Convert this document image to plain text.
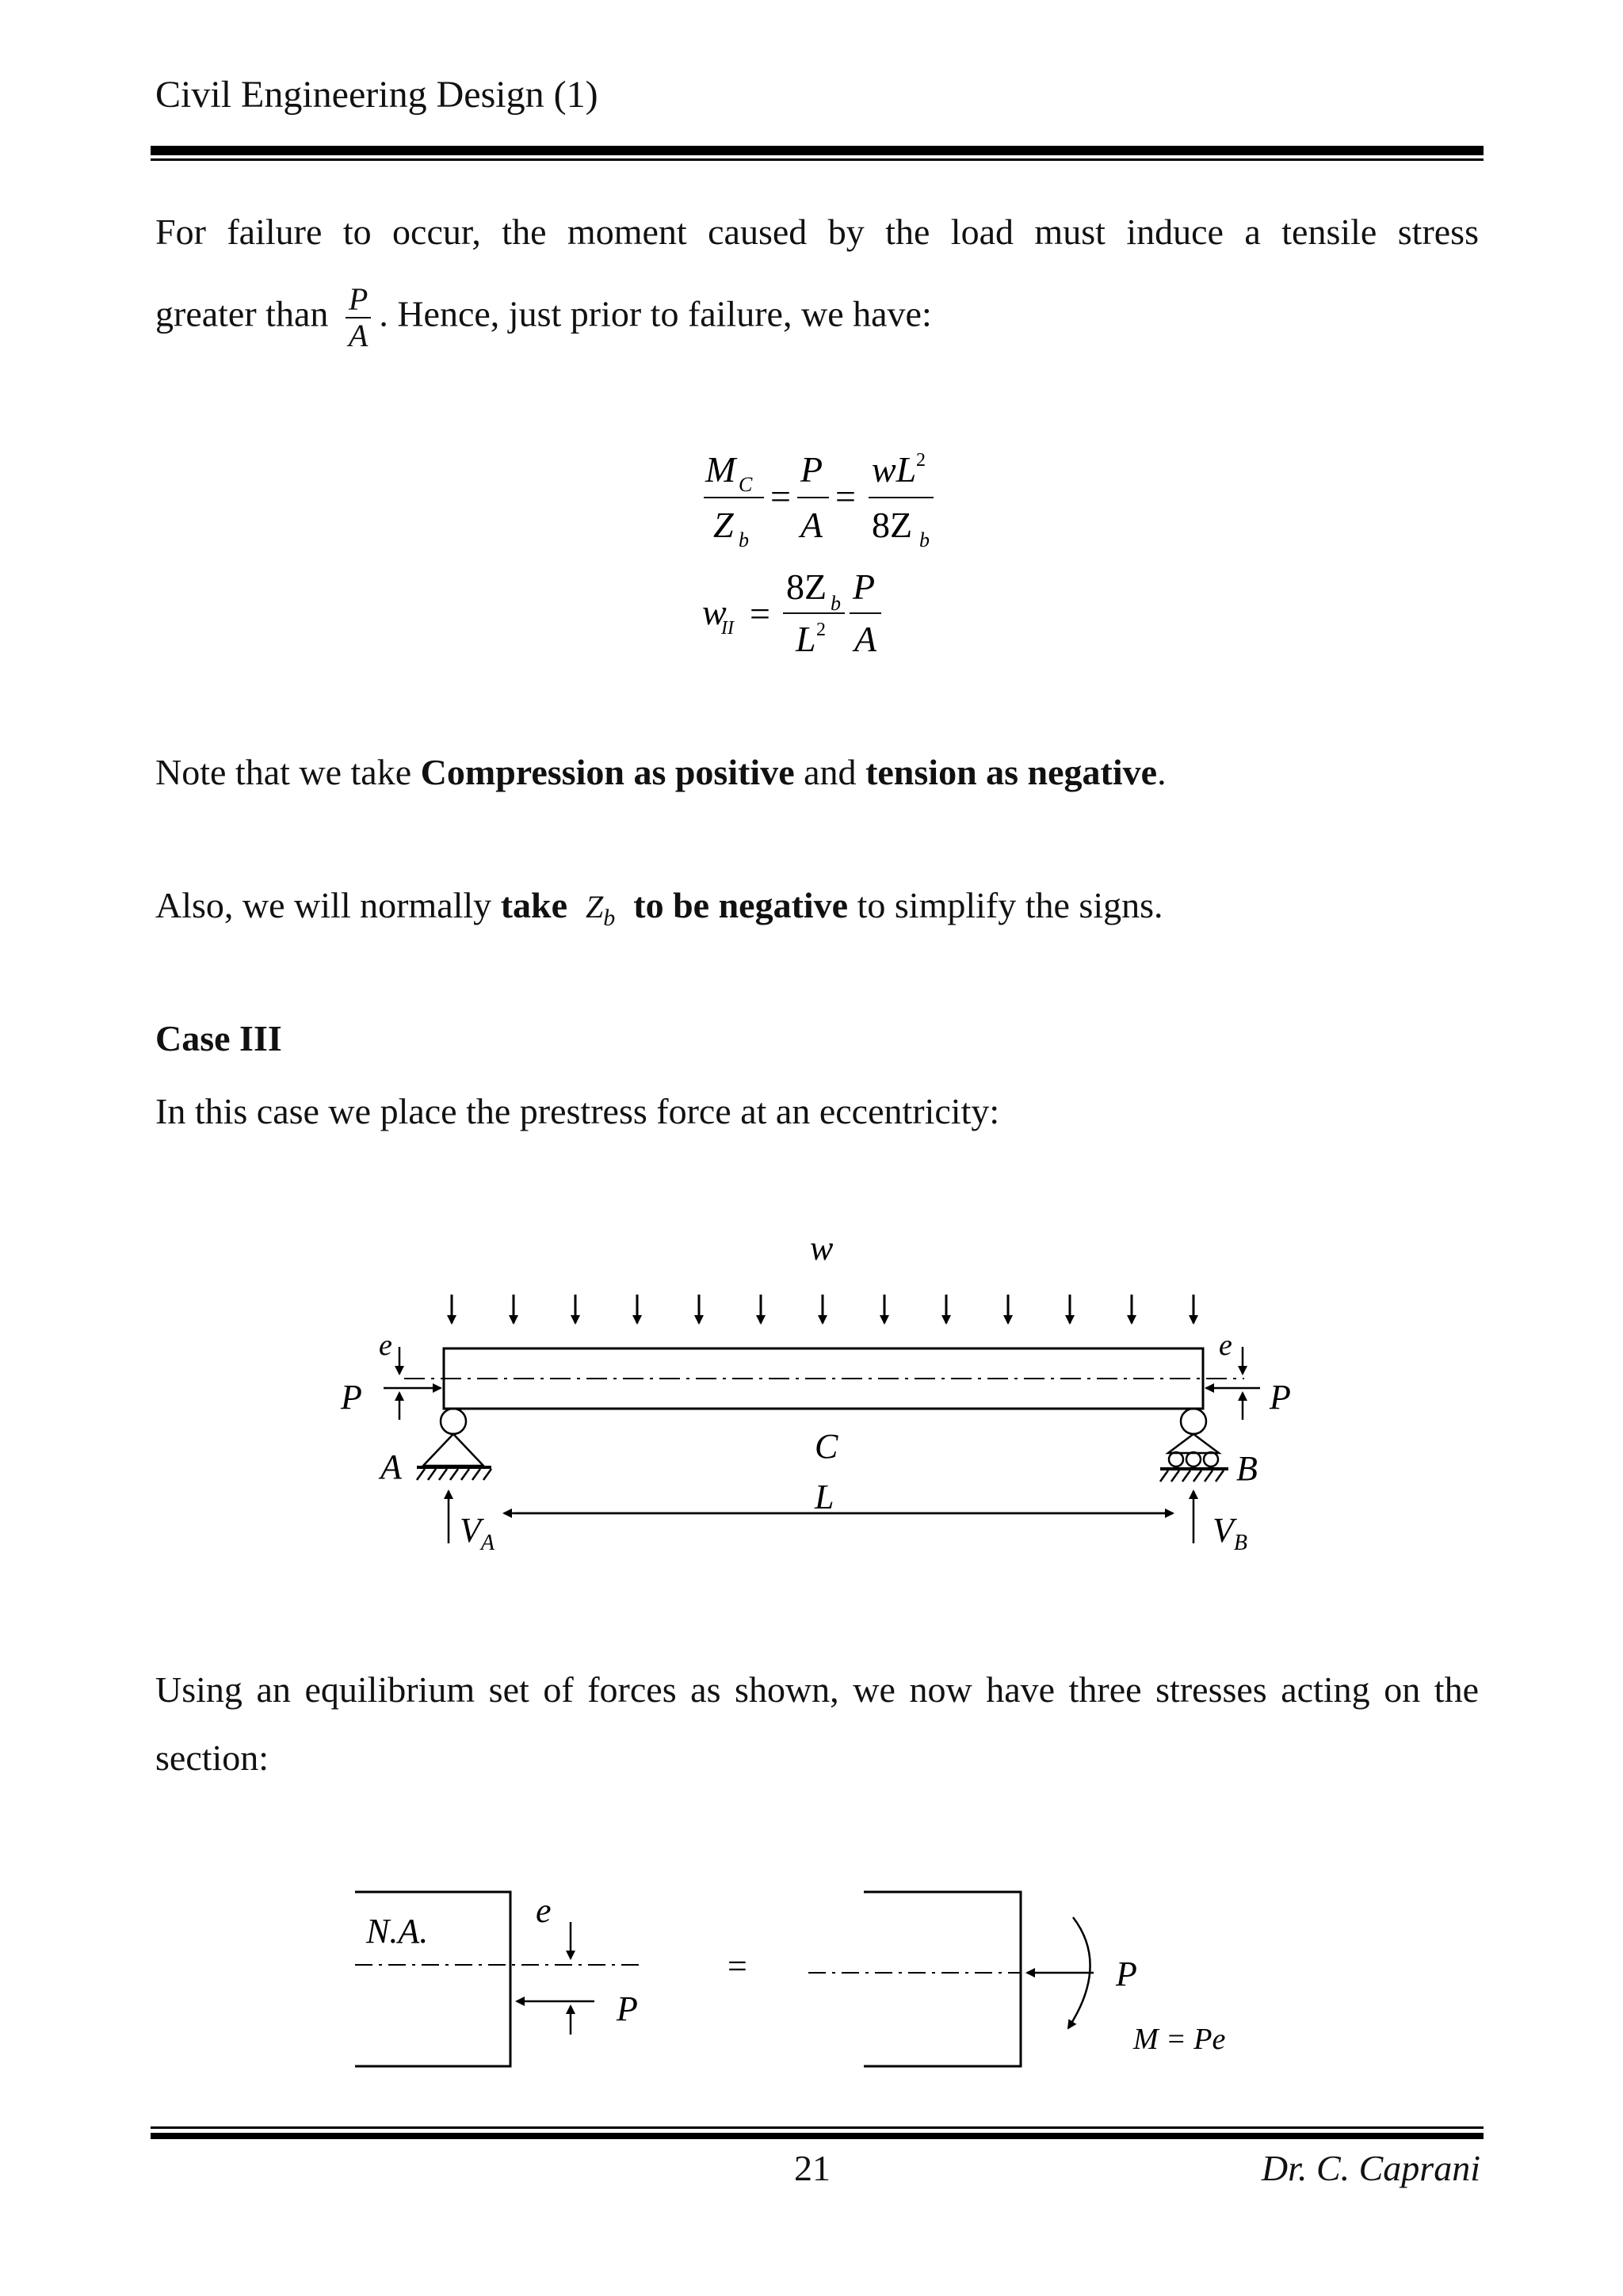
Civil Engineering Design (1)
For failure to occur, the moment caused by the load must induce a tensile stress
greater than $\frac{P}{A}$ . Hence, just prior to failure, we have:
M C
Z b
=
P
A
=
wL 2
8Z b
w
II =
8Z b
L 2
P
A
Note that we take Compression as positive and tension as negative.
Also, we will normally take $Z_b$ to be negative to simplify the signs.
Case III
In this case we place the prestress force at an eccentricity:
w
e
P
e
P
A	B
C
L
$V_A$	$V_B$
Using an equilibrium set of forces as shown, we now have three stresses acting on the
section:
N.A.
e
P
=	P
M = Pe
21	Dr. C. Caprani
